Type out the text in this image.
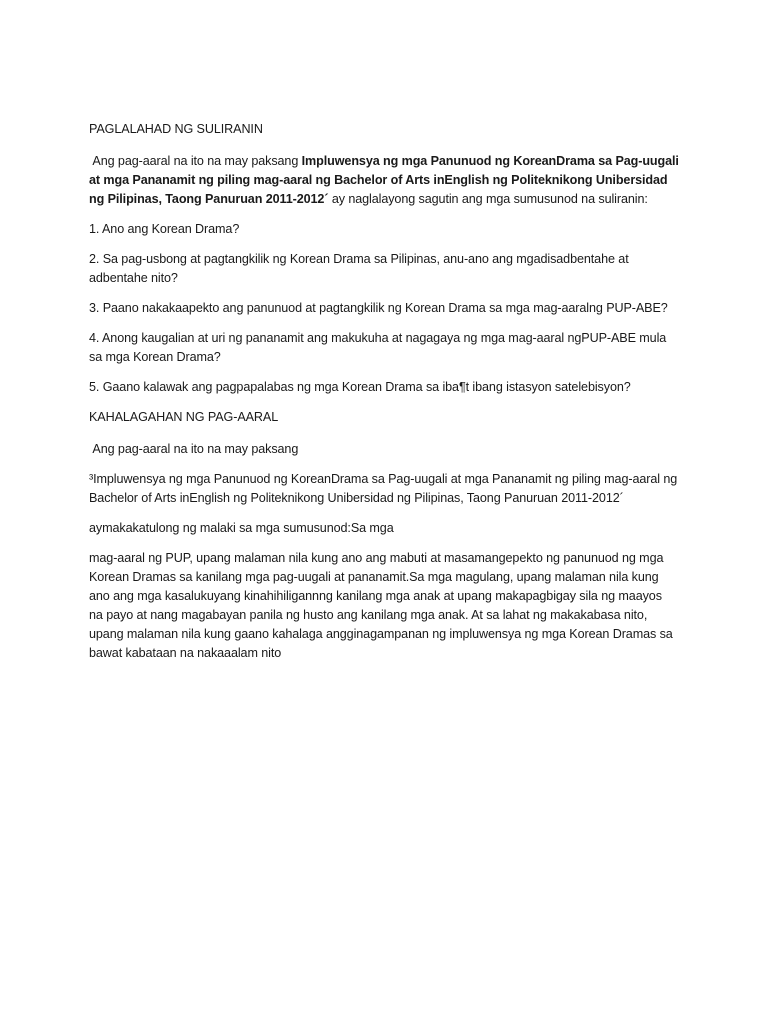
PAGLALAHAD NG SULIRANIN

Ang pag-aaral na ito na may paksang Impluwensya ng mga Panunuod ng KoreanDrama sa Pag-uugali at mga Pananamit ng piling mag-aaral ng Bachelor of Arts inEnglish ng Politeknikong Unibersidad ng Pilipinas, Taong Panuruan 2011-2012´ ay naglalayong sagutin ang mga sumusunod na suliranin:

1. Ano ang Korean Drama?

2. Sa pag-usbong at pagtangkilik ng Korean Drama sa Pilipinas, anu-ano ang mgadisadbentahe at adbentahe nito?

3. Paano nakakaapekto ang panunuod at pagtangkilik ng Korean Drama sa mga mag-aaralng PUP-ABE?

4. Anong kaugalian at uri ng pananamit ang makukuha at nagagaya ng mga mag-aaral ngPUP-ABE mula sa mga Korean Drama?

5. Gaano kalawak ang pagpapalabas ng mga Korean Drama sa iba¶t ibang istasyon satelebisyon?

KAHALAGAHAN NG PAG-AARAL

Ang pag-aaral na ito na may paksang

³Impluwensya ng mga Panunuod ng KoreanDrama sa Pag-uugali at mga Pananamit ng piling mag-aaral ng Bachelor of Arts inEnglish ng Politeknikong Unibersidad ng Pilipinas, Taong Panuruan 2011-2012´

aymakakatulong ng malaki sa mga sumusunod:Sa mga

mag-aaral ng PUP, upang malaman nila kung ano ang mabuti at masamangepekto ng panunuod ng mga Korean Dramas sa kanilang mga pag-uugali at pananamit.Sa mga magulang, upang malaman nila kung ano ang mga kasalukuyang kinahihiligannng kanilang mga anak at upang makapagbigay sila ng maayos na payo at nang magabayan panila ng husto ang kanilang mga anak. At sa lahat ng makakabasa nito, upang malaman nila kung gaano kahalaga angginagampanan ng impluwensya ng mga Korean Dramas sa bawat kabataan na nakaaalam nito
